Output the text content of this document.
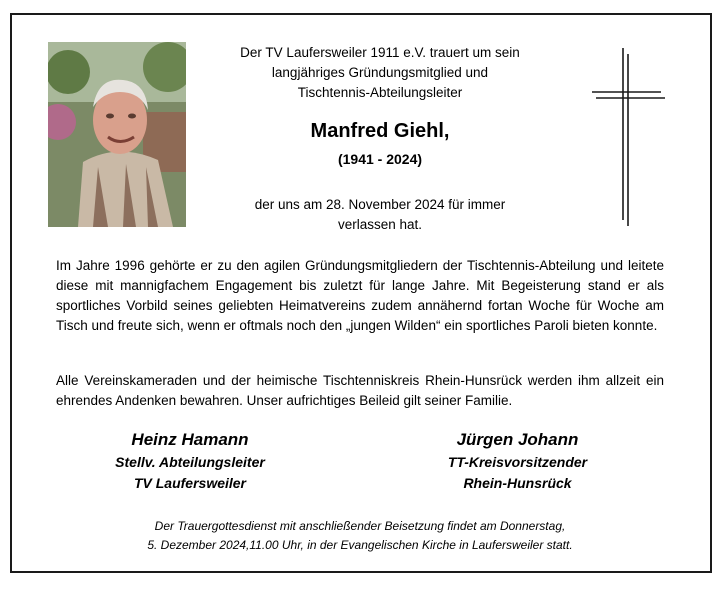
Der TV Laufersweiler 1911 e.V. trauert um sein
langjähriges Gründungsmitglied und
Tischtennis-Abteilungsleiter
Manfred Giehl,
(1941 - 2024)
der uns am 28. November 2024 für immer
verlassen hat.
Im Jahre 1996 gehörte er zu den agilen Gründungsmitgliedern der Tischtennis-Abteilung und leitete diese mit mannigfachem Engagement bis zuletzt für lange Jahre. Mit Begeisterung stand er als sportliches Vorbild seines geliebten Heimatvereins zudem annähernd fortan Woche für Woche am Tisch und freute sich, wenn er oftmals noch den „jungen Wilden“ ein sportliches Paroli bieten konnte.
Alle Vereinskameraden und der heimische Tischtenniskreis Rhein-Hunsrück werden ihm allzeit ein ehrendes Andenken bewahren. Unser aufrichtiges Beileid gilt seiner Familie.
Heinz Hamann
Stellv. Abteilungsleiter
TV Laufersweiler
Jürgen Johann
TT-Kreisvorsitzender
Rhein-Hunsrück
Der Trauergottesdienst mit anschließender Beisetzung findet am Donnerstag,
5. Dezember 2024,11.00 Uhr, in der Evangelischen Kirche in Laufersweiler statt.
